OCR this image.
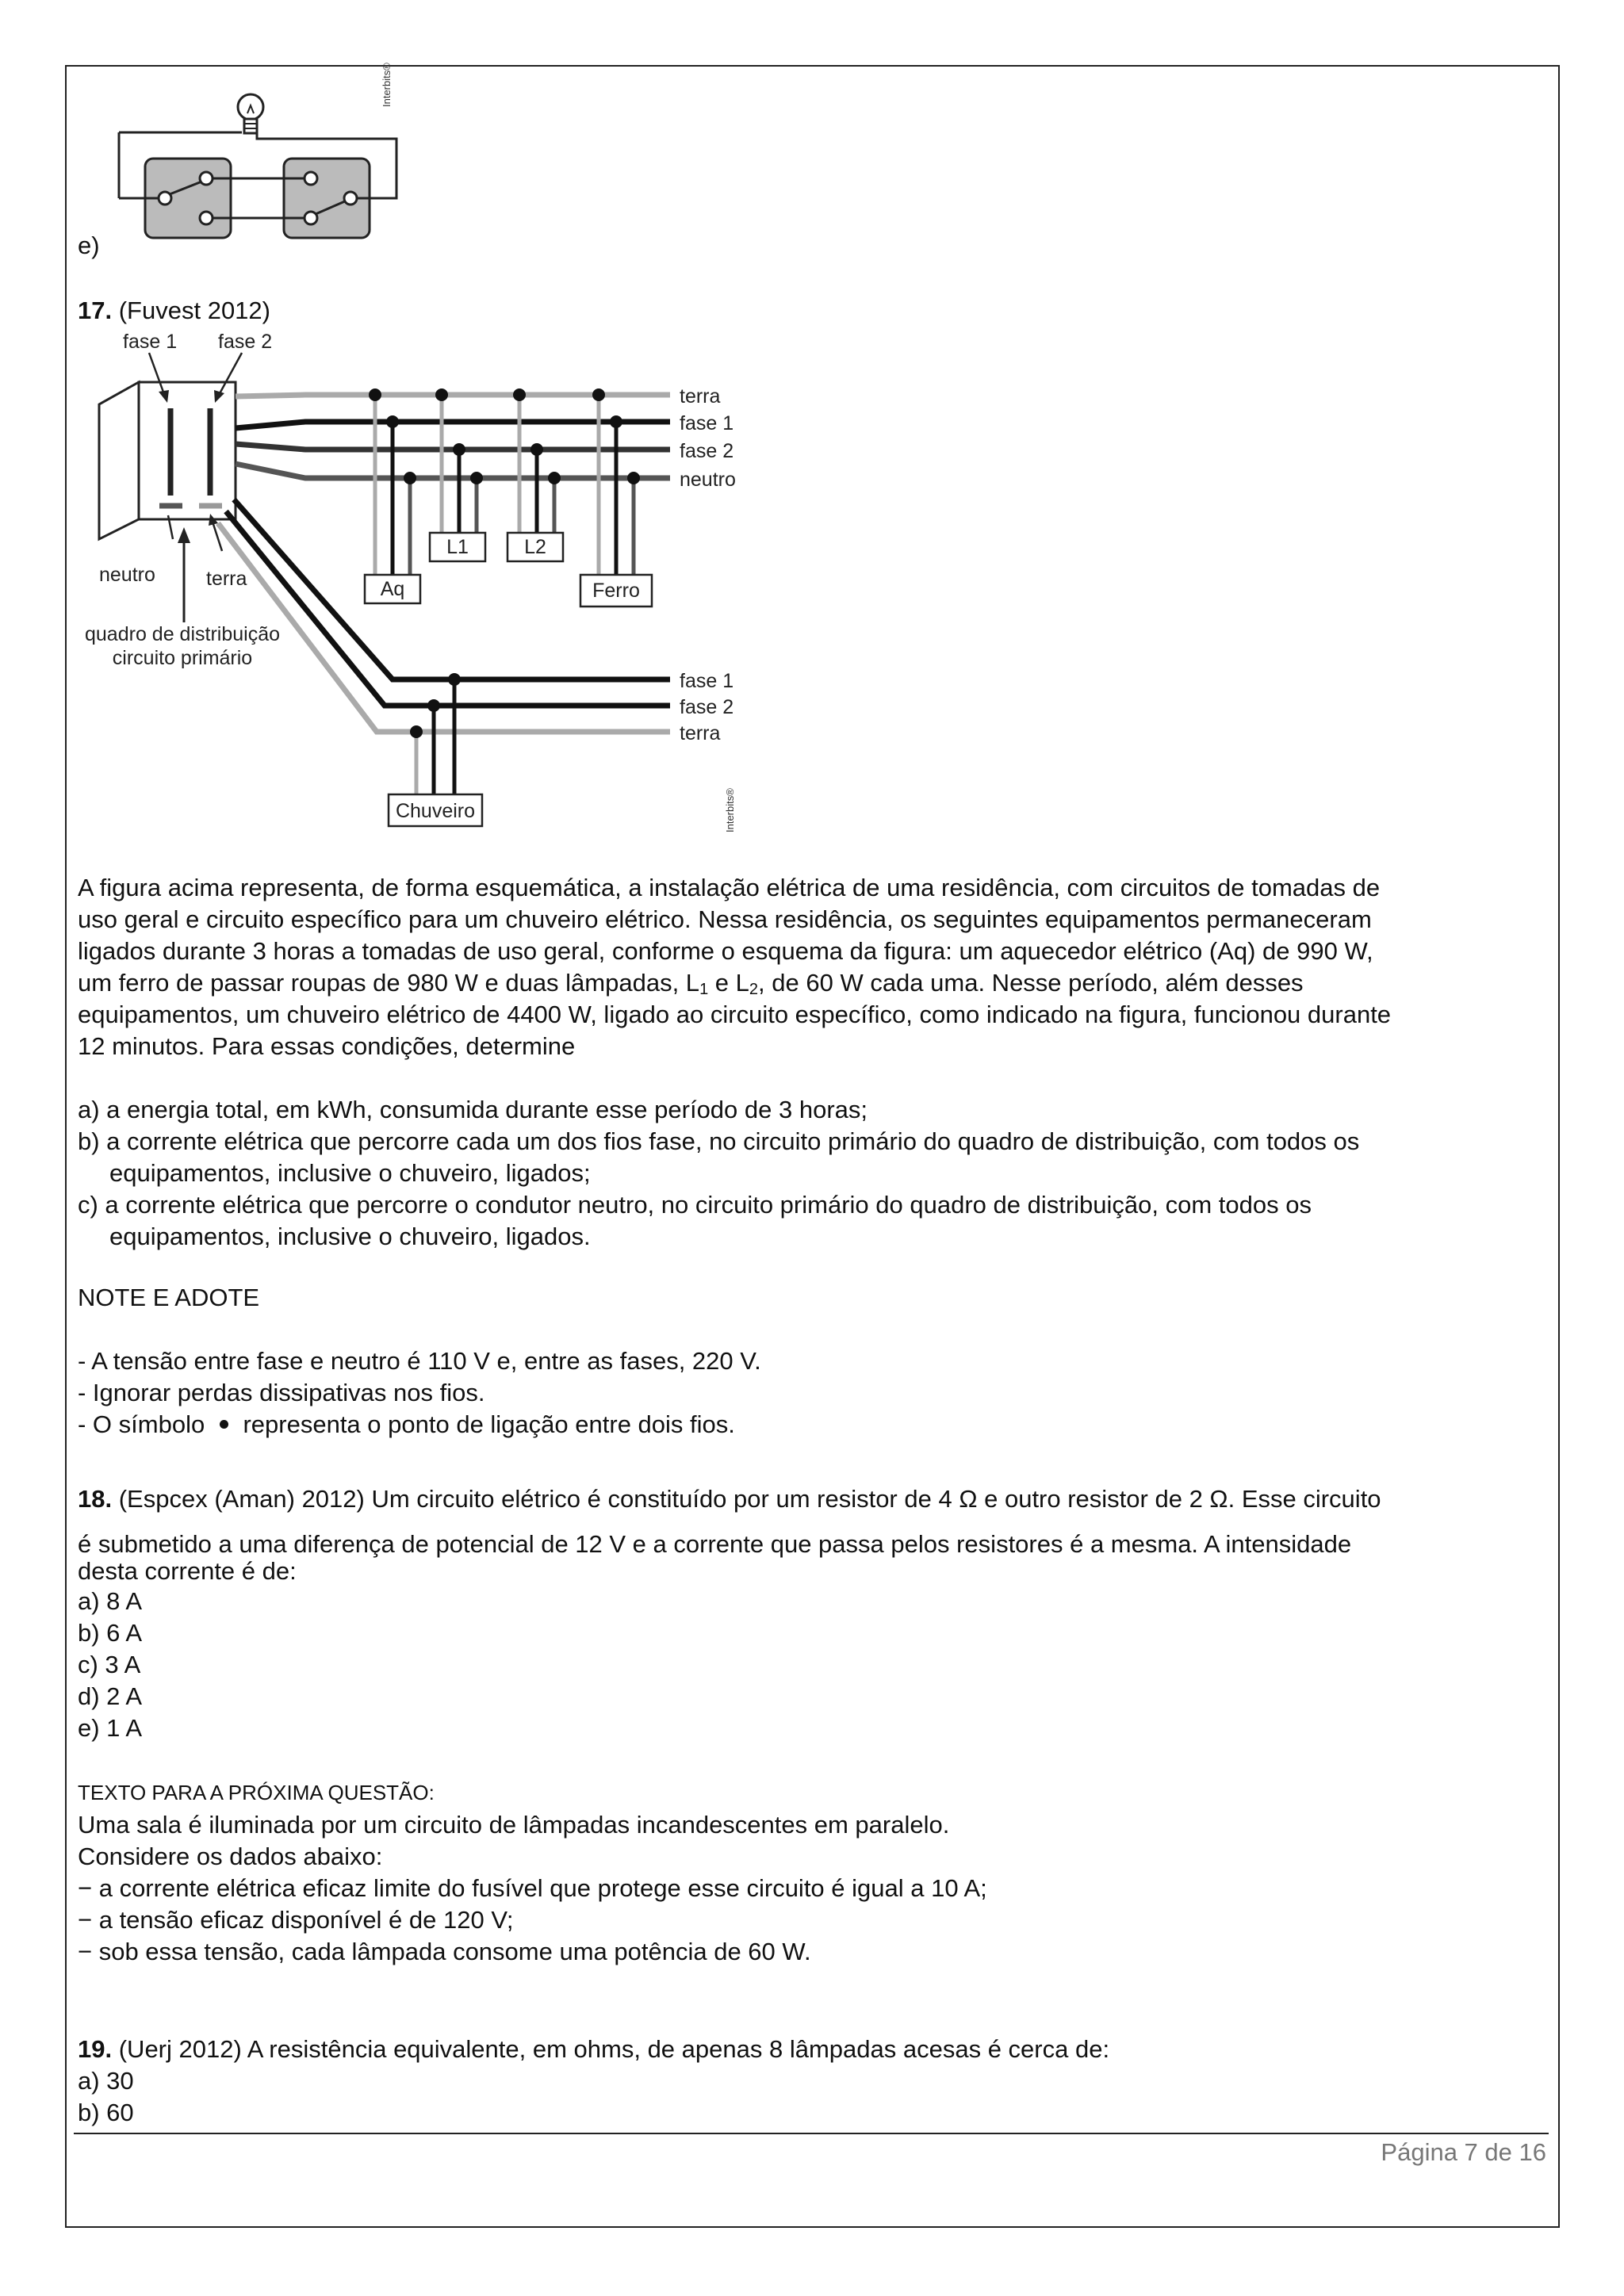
Interbits®
e)
17. (Fuvest 2012)
fase 1 fase 2
neutro	terra
quadro de distribuição
circuito primário
terra
fase 1
fase 2
neutro
Aq
L1	L2
Ferro
fase 1
fase 2
terra
Chuveiro	Interbits®
A figura acima representa, de forma esquemática, a instalação elétrica de uma residência, com circuitos de tomadas de
uso geral e circuito específico para um chuveiro elétrico. Nessa residência, os seguintes equipamentos permaneceram
ligados durante 3 horas a tomadas de uso geral, conforme o esquema da figura: um aquecedor elétrico (Aq) de 990 W,
um ferro de passar roupas de 980 W e duas lâmpadas, $L_1$ e $L_2$, de 60 W cada uma. Nesse período, além desses
equipamentos, um chuveiro elétrico de 4400 W, ligado ao circuito específico, como indicado na figura, funcionou durante
12 minutos. Para essas condições, determine
a) a energia total, em kWh, consumida durante esse período de 3 horas;
b) a corrente elétrica que percorre cada um dos fios fase, no circuito primário do quadro de distribuição, com todos os
equipamentos, inclusive o chuveiro, ligados;
c) a corrente elétrica que percorre o condutor neutro, no circuito primário do quadro de distribuição, com todos os
equipamentos, inclusive o chuveiro, ligados.
NOTE E ADOTE
- A tensão entre fase e neutro é 110 V e, entre as fases, 220 V.
- Ignorar perdas dissipativas nos fios.
- O símbolo representa o ponto de ligação entre dois fios.
18. (Espcex (Aman) 2012) Um circuito elétrico é constituído por um resistor de 4 Ω e outro resistor de 2 Ω. Esse circuito
é submetido a uma diferença de potencial de 12 V e a corrente que passa pelos resistores é a mesma. A intensidade
desta corrente é de:
a) 8 A
b) 6 A
c) 3 A
d) 2 A
e) 1 A
TEXTO PARA A PRÓXIMA QUESTÃO:
Uma sala é iluminada por um circuito de lâmpadas incandescentes em paralelo.
Considere os dados abaixo:
− a corrente elétrica eficaz limite do fusível que protege esse circuito é igual a 10 A;
− a tensão eficaz disponível é de 120 V;
− sob essa tensão, cada lâmpada consome uma potência de 60 W.
19. (Uerj 2012) A resistência equivalente, em ohms, de apenas 8 lâmpadas acesas é cerca de:
a) 30
b) 60
Página 7 de 16
